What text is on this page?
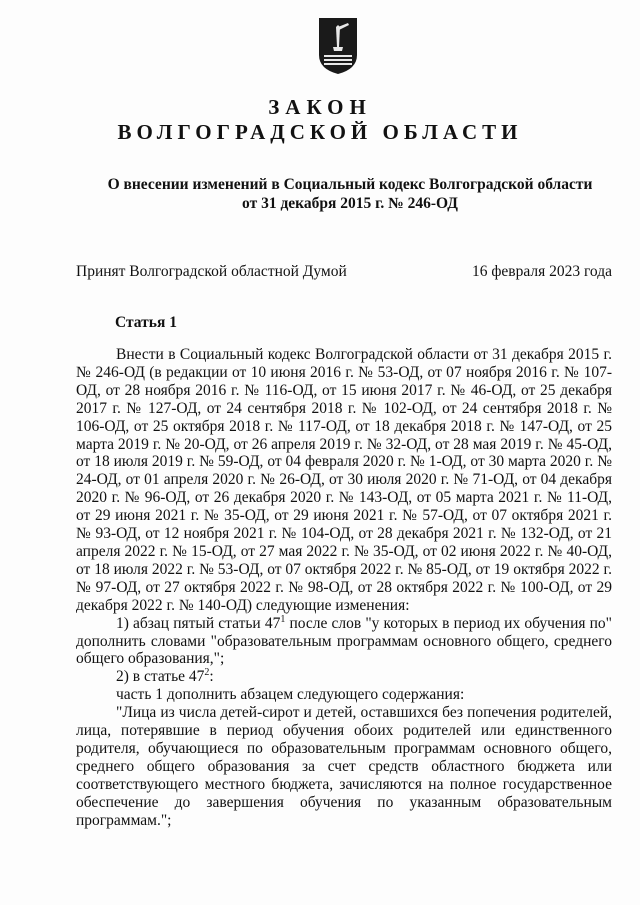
ЗАКОН
ВОЛГОГРАДСКОЙ ОБЛАСТИ
О внесении изменений в Социальный кодекс Волгоградской области
от 31 декабря 2015 г. № 246-ОД
Принят Волгоградской областной Думой	16 февраля 2023 года
Статья 1

Внести в Социальный кодекс Волгоградской области от 31 декабря 2015 г. № 246-ОД (в редакции от 10 июня 2016 г. № 53-ОД, от 07 ноября 2016 г. № 107-ОД, от 28 ноября 2016 г. № 116-ОД, от 15 июня 2017 г. № 46-ОД, от 25 декабря 2017 г. № 127-ОД, от 24 сентября 2018 г. № 102-ОД, от 24 сентября 2018 г. № 106-ОД, от 25 октября 2018 г. № 117-ОД, от 18 декабря 2018 г. № 147-ОД, от 25 марта 2019 г. № 20-ОД, от 26 апреля 2019 г. № 32-ОД, от 28 мая 2019 г. № 45-ОД, от 18 июля 2019 г. № 59-ОД, от 04 февраля 2020 г. № 1-ОД, от 30 марта 2020 г. № 24-ОД, от 01 апреля 2020 г. № 26-ОД, от 30 июля 2020 г. № 71-ОД, от 04 декабря 2020 г. № 96-ОД, от 26 декабря 2020 г. № 143-ОД, от 05 марта 2021 г. № 11-ОД, от 29 июня 2021 г. № 35-ОД, от 29 июня 2021 г. № 57-ОД, от 07 октября 2021 г. № 93-ОД, от 12 ноября 2021 г. № 104-ОД, от 28 декабря 2021 г. № 132-ОД, от 21 апреля 2022 г. № 15-ОД, от 27 мая 2022 г. № 35-ОД, от 02 июня 2022 г. № 40-ОД, от 18 июля 2022 г. № 53-ОД, от 07 октября 2022 г. № 85-ОД, от 19 октября 2022 г. № 97-ОД, от 27 октября 2022 г. № 98-ОД, от 28 октября 2022 г. № 100-ОД, от 29 декабря 2022 г. № 140-ОД) следующие изменения:

1) абзац пятый статьи $47^1$ после слов "у которых в период их обучения по" дополнить словами "образовательным программам основного общего, среднего общего образования,";

2) в статье $47^2$:

часть 1 дополнить абзацем следующего содержания:

"Лица из числа детей-сирот и детей, оставшихся без попечения родителей, лица, потерявшие в период обучения обоих родителей или единственного родителя, обучающиеся по образовательным программам основного общего, среднего общего образования за счет средств областного бюджета или соответствующего местного бюджета, зачисляются на полное государственное обеспечение до завершения обучения по указанным образовательным программам.";
